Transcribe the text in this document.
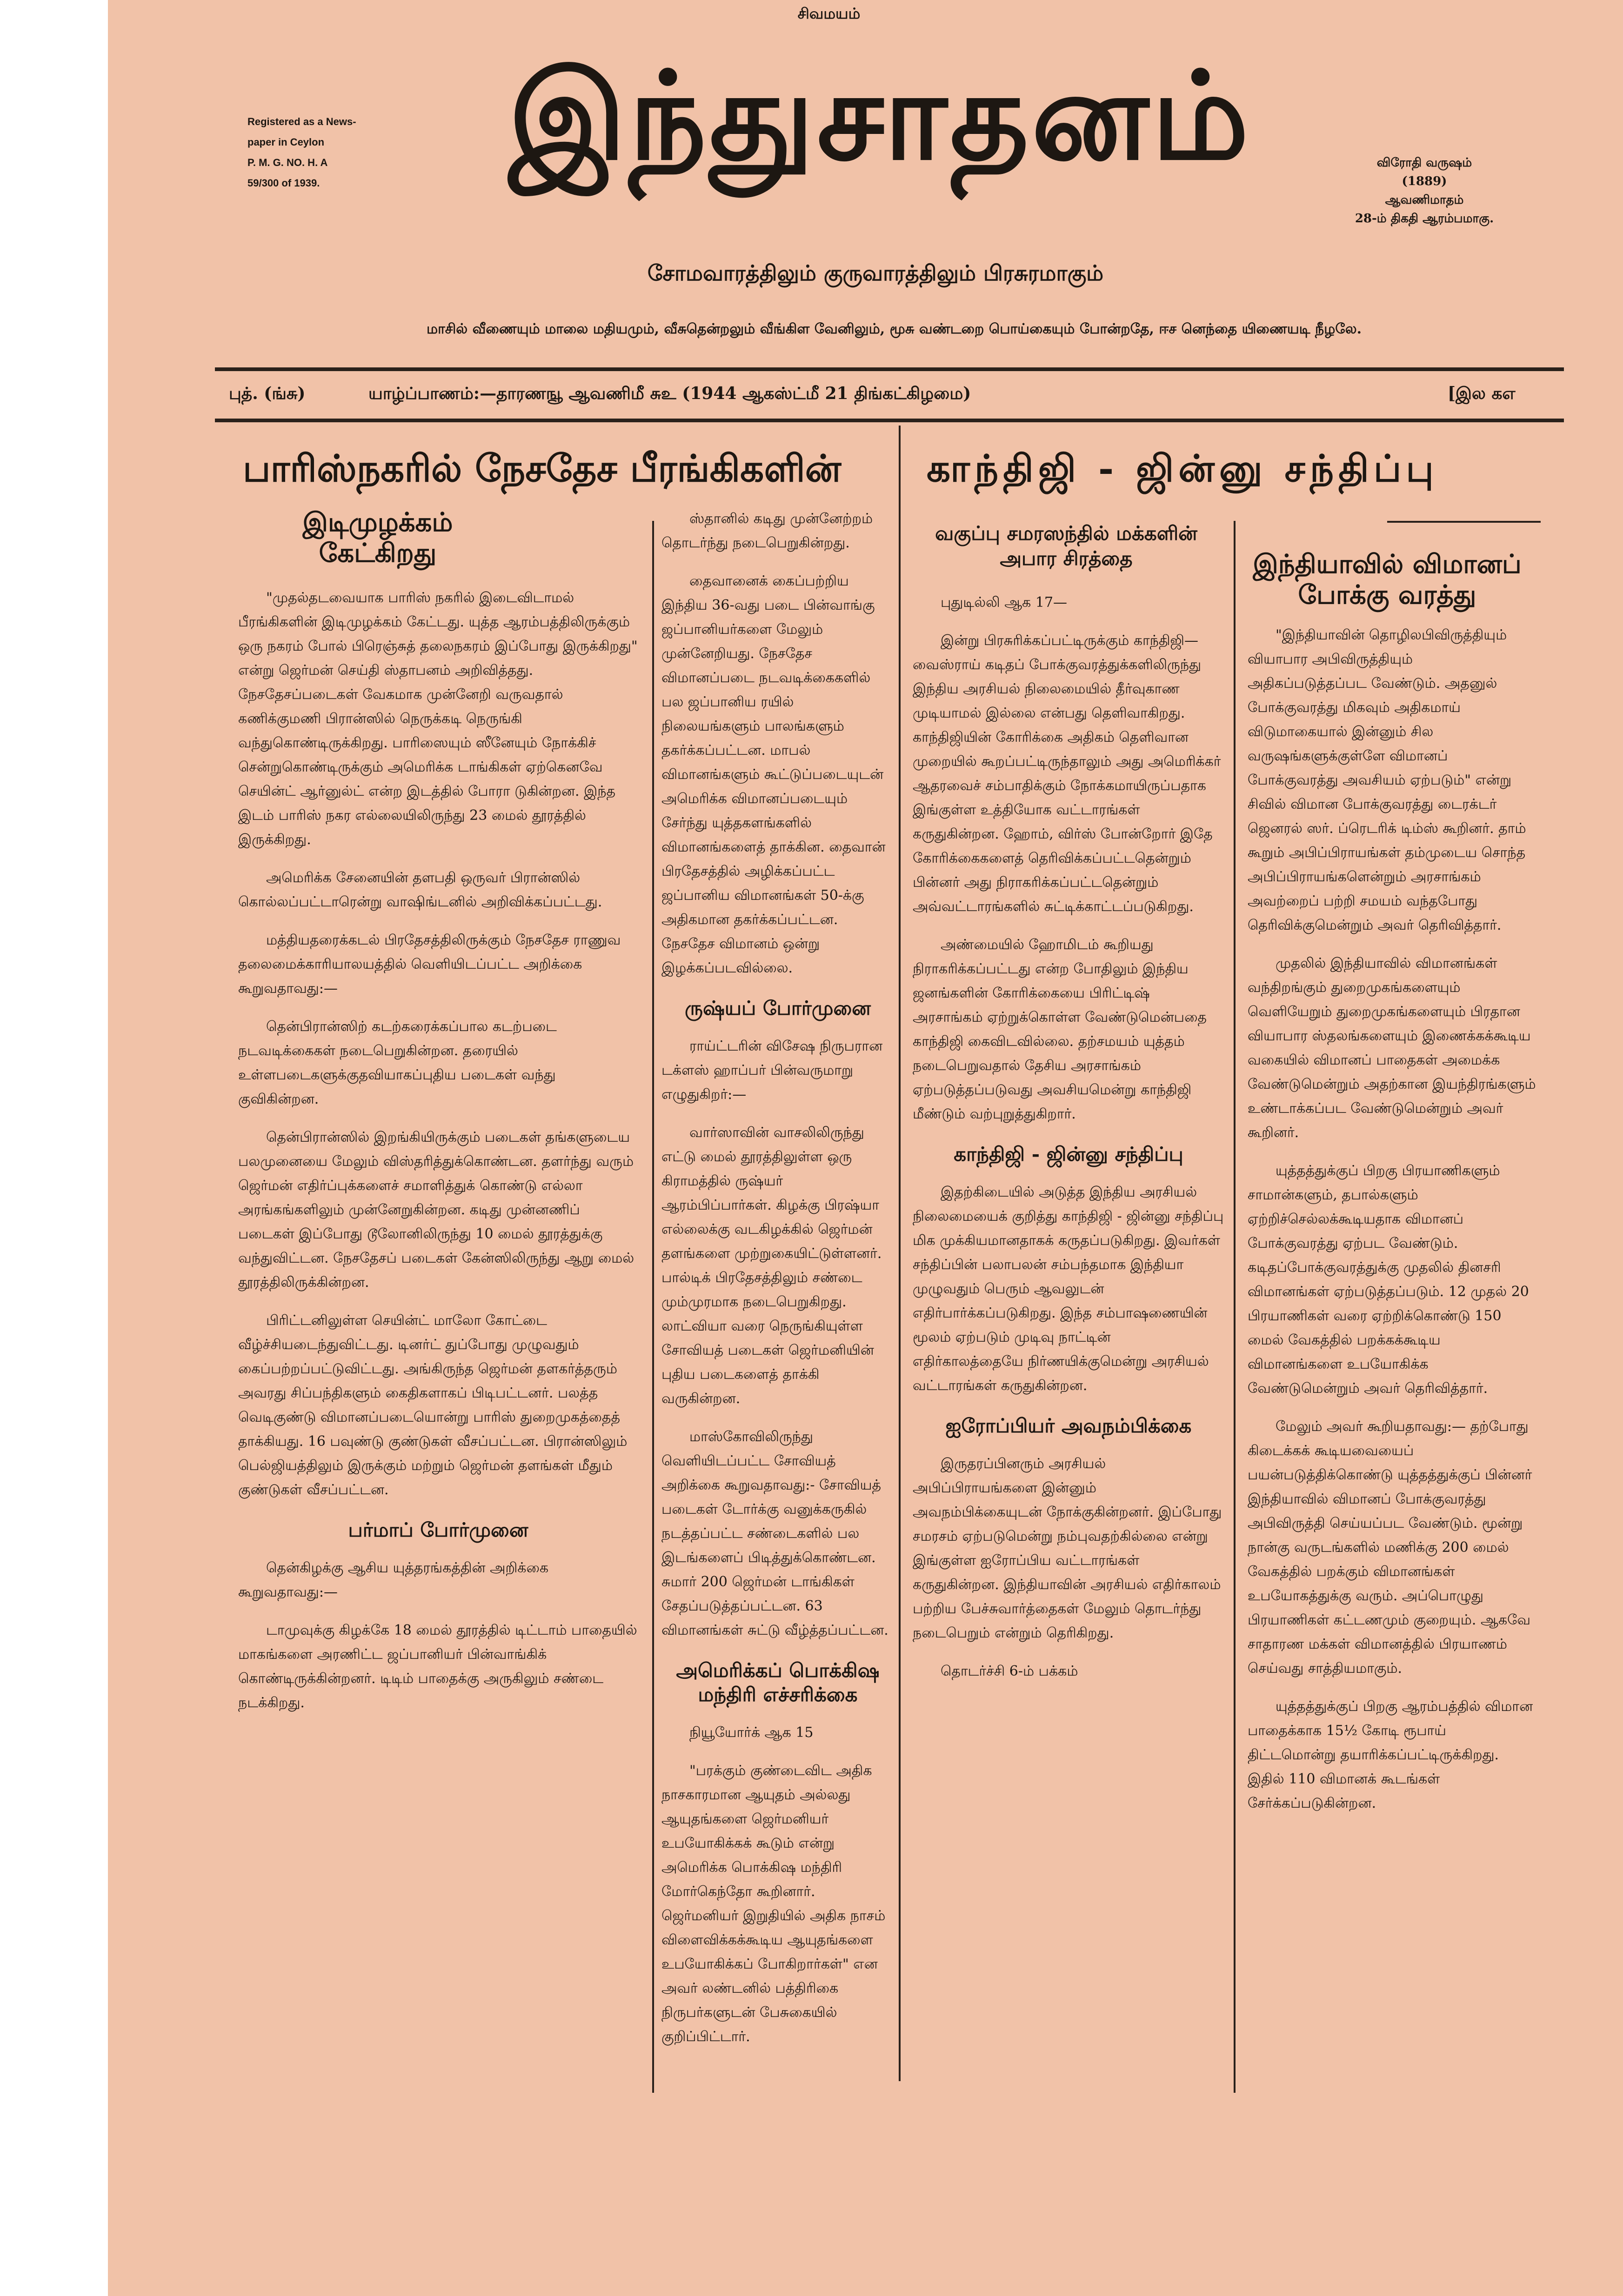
சிவமயம்
Registered as a News-
paper in Ceylon
P. M. G. NO. H. A
59/300 of 1939.	இந்துசாதனம்	விரோதி வருஷம்
(1889)
ஆவணிமாதம்
28-ம் திகதி ஆரம்பமாகு.
சோமவாரத்திலும் குருவாரத்திலும் பிரசுரமாகும்
மாசில் வீணையும் மாலை மதியமும், வீசுதென்றலும் வீங்கிள வேனிலும், மூசு வண்டறை பொய்கையும் போன்றதே, ஈச னெந்தை யிணையடி நீழலே.
புத். (ங்சு)	யாழ்ப்பாணம்:—தாரணஙூ ஆவணிமீ சுஉ (1944 ஆகஸ்ட்மீ 21 திங்கட்கிழமை)	[இல கஎ
பாரிஸ்நகரில் நேசதேச பீரங்கிகளின்
இடிமுழக்கம் கேட்கிறது
காந்திஜி - ஜின்னு சந்திப்பு
வகுப்பு சமரஸந்தில் மக்களின் அபார சிரத்தை	இந்தியாவில் விமானப் போக்கு வரத்து

"முதல்தடவையாக பாரிஸ் நகரில் இடைவிடாமல் பீரங்கிகளின் இடிமுழக்கம் கேட்டது. யுத்த ஆரம்பத்திலிருக்கும் ஒரு நகரம் போல் பிரெஞ்சுத் தலைநகரம் இப்போது இருக்கிறது" என்று ஜெர்மன் செய்தி ஸ்தாபனம் அறிவித்தது. நேசதேசப்படைகள் வேகமாக முன்னேறி வருவதால் கணிக்குமணி பிரான்ஸில் நெருக்கடி நெருங்கி வந்துகொண்டிருக்கிறது. பாரிஸையும் ஸீனேயும் நோக்கிச் சென்றுகொண்டிருக்கும் அமெரிக்க டாங்கிகள் ஏற்கெனவே செயின்ட் ஆர்னுல்ட் என்ற இடத்தில் போரா டுகின்றன. இந்த இடம் பாரிஸ் நகர எல்லையிலிருந்து 23 மைல் தூரத்தில் இருக்கிறது.

அமெரிக்க சேனையின் தளபதி ஒருவர் பிரான்ஸில் கொல்லப்பட்டாரென்று வாஷிங்டனில் அறிவிக்கப்பட்டது.

மத்தியதரைக்கடல் பிரதேசத்திலிருக்கும் நேசதேச ராணுவ தலைமைக்காரியாலயத்தில் வெளியிடப்பட்ட அறிக்கை கூறுவதாவது:—

தென்பிரான்ஸிற் கடற்கரைக்கப்பால கடற்படை நடவடிக்கைகள் நடைபெறுகின்றன. தரையில் உள்ளபடைகளுக்குதவியாகப்புதிய படைகள் வந்து குவிகின்றன.

தென்பிரான்ஸில் இறங்கியிருக்கும் படைகள் தங்களுடைய பலமுனையை மேலும் விஸ்தரித்துக்கொண்டன. தளர்ந்து வரும் ஜெர்மன் எதிர்ப்புக்களைச் சமாளித்துக் கொண்டு எல்லா அரங்கங்களிலும் முன்னேறுகின்றன. கடிது முன்னணிப் படைகள் இப்போது டூலோனிலிருந்து 10 மைல் தூரத்துக்கு வந்துவிட்டன. நேசதேசப் படைகள் கேன்ஸிலிருந்து ஆறு மைல் தூரத்திலிருக்கின்றன.

பிரிட்டனிலுள்ள செயின்ட் மாலோ கோட்டை வீழ்ச்சியடைந்துவிட்டது. டினர்ட் துப்போது முழுவதும் கைப்பற்றப்பட்டுவிட்டது. அங்கிருந்த ஜெர்மன் தளகர்த்தரும் அவரது சிப்பந்திகளும் கைதிகளாகப் பிடிபட்டனர். பலத்த வெடிகுண்டு விமானப்படையொன்று பாரிஸ் துறைமுகத்தைத் தாக்கியது. 16 பவுண்டு குண்டுகள் வீசப்பட்டன. பிரான்ஸிலும் பெல்ஜியத்திலும் இருக்கும் மற்றும் ஜெர்மன் தளங்கள் மீதும் குண்டுகள் வீசப்பட்டன.

பர்மாப் போர்முனை

தென்கிழக்கு ஆசிய யுத்தரங்கத்தின் அறிக்கை கூறுவதாவது:—

டாமுவுக்கு கிழக்கே 18 மைல் தூரத்தில் டிட்டாம் பாதையில் மாகங்களை அரணிட்ட ஜப்பானியர் பின்வாங்கிக் கொண்டிருக்கின்றனர். டிடிம் பாதைக்கு அருகிலும் சண்டை நடக்கிறது.

ஸ்தானில் கடிது முன்னேற்றம் தொடர்ந்து நடைபெறுகின்றது.

தைவானைக் கைப்பற்றிய இந்திய 36-வது படை பின்வாங்கு ஜப்பானியர்களை மேலும் முன்னேறியது. நேசதேச விமானப்படை நடவடிக்கைகளில் பல ஜப்பானிய ரயில் நிலையங்களும் பாலங்களும் தகர்க்கப்பட்டன. மாபல் விமானங்களும் கூட்டுப்படையுடன் அமெரிக்க விமானப்படையும் சேர்ந்து யுத்தகளங்களில் விமானங்களைத் தாக்கின. தைவான் பிரதேசத்தில் அழிக்கப்பட்ட ஜப்பானிய விமானங்கள் 50-க்கு அதிகமான தகர்க்கப்பட்டன. நேசதேச விமானம் ஒன்று இழக்கப்படவில்லை.

ருஷ்யப் போர்முனை

ராய்ட்டரின் விசேஷ நிருபரான டக்ளஸ் ஹாப்பர் பின்வருமாறு எழுதுகிறர்:—

வார்ஸாவின் வாசலிலிருந்து எட்டு மைல் தூரத்திலுள்ள ஒரு கிராமத்தில் ருஷ்யர் ஆரம்பிப்பார்கள். கிழக்கு பிரஷ்யா எல்லைக்கு வடகிழக்கில் ஜெர்மன் தளங்களை முற்றுகையிட்டுள்ளனர். பால்டிக் பிரதேசத்திலும் சண்டை மும்முரமாக நடைபெறுகிறது. லாட்வியா வரை நெருங்கியுள்ள சோவியத் படைகள் ஜெர்மனியின் புதிய படைகளைத் தாக்கி வருகின்றன.

மாஸ்கோவிலிருந்து வெளியிடப்பட்ட சோவியத் அறிக்கை கூறுவதாவது:- சோவியத் படைகள் டோர்க்கு வனுக்கருகில் நடத்தப்பட்ட சண்டைகளில் பல இடங்களைப் பிடித்துக்கொண்டன. சுமார் 200 ஜெர்மன் டாங்கிகள் சேதப்படுத்தப்பட்டன. 63 விமானங்கள் சுட்டு வீழ்த்தப்பட்டன.

அமெரிக்கப் பொக்கிஷ மந்திரி எச்சரிக்கை

நியூயோர்க் ஆக 15

"பரக்கும் குண்டைவிட அதிக நாசகாரமான ஆயுதம் அல்லது ஆயுதங்களை ஜெர்மனியர் உபயோகிக்கக் கூடும் என்று அமெரிக்க பொக்கிஷ மந்திரி மோர்கெந்தோ கூறினார். ஜெர்மனியர் இறுதியில் அதிக நாசம் விளைவிக்கக்கூடிய ஆயுதங்களை உபயோகிக்கப் போகிறார்கள்" என அவர் லண்டனில் பத்திரிகை நிருபர்களுடன் பேசுகையில் குறிப்பிட்டார்.

புதுடில்லி ஆக 17—

இன்று பிரசுரிக்கப்பட்டிருக்கும் காந்திஜி—வைஸ்ராய் கடிதப் போக்குவரத்துக்களிலிருந்து இந்திய அரசியல் நிலைமையில் தீர்வுகாண முடியாமல் இல்லை என்பது தெளிவாகிறது. காந்திஜியின் கோரிக்கை அதிகம் தெளிவான முறையில் கூறப்பட்டிருந்தாலும் அது அமெரிக்கர் ஆதரவைச் சம்பாதிக்கும் நோக்கமாயிருப்பதாக இங்குள்ள உத்தியோக வட்டாரங்கள் கருதுகின்றன. ஹோம், விர்ஸ் போன்றோர் இதே கோரிக்கைகளைத் தெரிவிக்கப்பட்டதென்றும் பின்னர் அது நிராகரிக்கப்பட்டதென்றும் அவ்வட்டாரங்களில் சுட்டிக்காட்டப்படுகிறது.

அண்மையில் ஹோமிடம் கூறியது நிராகரிக்கப்பட்டது என்ற போதிலும் இந்திய ஜனங்களின் கோரிக்கையை பிரிட்டிஷ் அரசாங்கம் ஏற்றுக்கொள்ள வேண்டுமென்பதை காந்திஜி கைவிடவில்லை. தற்சமயம் யுத்தம் நடைபெறுவதால் தேசிய அரசாங்கம் ஏற்படுத்தப்படுவது அவசியமென்று காந்திஜி மீண்டும் வற்புறுத்துகிறார்.

காந்திஜி - ஜின்னு சந்திப்பு

இதற்கிடையில் அடுத்த இந்திய அரசியல் நிலைமையைக் குறித்து காந்திஜி - ஜின்னு சந்திப்பு மிக முக்கியமானதாகக் கருதப்படுகிறது. இவர்கள் சந்திப்பின் பலாபலன் சம்பந்தமாக இந்தியா முழுவதும் பெரும் ஆவலுடன் எதிர்பார்க்கப்படுகிறது. இந்த சம்பாஷணையின் மூலம் ஏற்படும் முடிவு நாட்டின் எதிர்காலத்தையே நிர்ணயிக்குமென்று அரசியல் வட்டாரங்கள் கருதுகின்றன.

ஐரோப்பியர் அவநம்பிக்கை

இருதரப்பினரும் அரசியல் அபிப்பிராயங்களை இன்னும் அவநம்பிக்கையுடன் நோக்குகின்றனர். இப்போது சமரசம் ஏற்படுமென்று நம்புவதற்கில்லை என்று இங்குள்ள ஐரோப்பிய வட்டாரங்கள் கருதுகின்றன. இந்தியாவின் அரசியல் எதிர்காலம் பற்றிய பேச்சுவார்த்தைகள் மேலும் தொடர்ந்து நடைபெறும் என்றும் தெரிகிறது.

தொடர்ச்சி 6-ம் பக்கம்

"இந்தியாவின் தொழிலபிவிருத்தியும் வியாபார அபிவிருத்தியும் அதிகப்படுத்தப்பட வேண்டும். அதனுல் போக்குவரத்து மிகவும் அதிகமாய் விடுமாகையால் இன்னும் சில வருஷங்களுக்குள்ளே விமானப் போக்குவரத்து அவசியம் ஏற்படும்" என்று சிவில் விமான போக்குவரத்து டைரக்டர் ஜெனரல் ஸர். ப்ரெடரிக் டிம்ஸ் கூறினர். தாம் கூறும் அபிப்பிராயங்கள் தம்முடைய சொந்த அபிப்பிராயங்களென்றும் அரசாங்கம் அவற்றைப் பற்றி சமயம் வந்தபோது தெரிவிக்குமென்றும் அவர் தெரிவித்தார்.

முதலில் இந்தியாவில் விமானங்கள் வந்திறங்கும் துறைமுகங்களையும் வெளியேறும் துறைமுகங்களையும் பிரதான வியாபார ஸ்தலங்களையும் இணைக்கக்கூடிய வகையில் விமானப் பாதைகள் அமைக்க வேண்டுமென்றும் அதற்கான இயந்திரங்களும் உண்டாக்கப்பட வேண்டுமென்றும் அவர் கூறினர்.

யுத்தத்துக்குப் பிறகு பிரயாணிகளும் சாமான்களும், தபால்களும் ஏற்றிச்செல்லக்கூடியதாக விமானப் போக்குவரத்து ஏற்பட வேண்டும். கடிதப்போக்குவரத்துக்கு முதலில் தினசரி விமானங்கள் ஏற்படுத்தப்படும். 12 முதல் 20 பிரயாணிகள் வரை ஏற்றிக்கொண்டு 150 மைல் வேகத்தில் பறக்கக்கூடிய விமானங்களை உபயோகிக்க வேண்டுமென்றும் அவர் தெரிவித்தார்.

மேலும் அவர் கூறியதாவது:— தற்போது கிடைக்கக் கூடியவையைப் பயன்படுத்திக்கொண்டு யுத்தத்துக்குப் பின்னர் இந்தியாவில் விமானப் போக்குவரத்து அபிவிருத்தி செய்யப்பட வேண்டும். மூன்று நான்கு வருடங்களில் மணிக்கு 200 மைல் வேகத்தில் பறக்கும் விமானங்கள் உபயோகத்துக்கு வரும். அப்பொழுது பிரயாணிகள் கட்டணமும் குறையும். ஆகவே சாதாரண மக்கள் விமானத்தில் பிரயாணம் செய்வது சாத்தியமாகும்.

யுத்தத்துக்குப் பிறகு ஆரம்பத்தில் விமான பாதைக்காக 15½ கோடி ரூபாய் திட்டமொன்று தயாரிக்கப்பட்டிருக்கிறது. இதில் 110 விமானக் கூடங்கள் சேர்க்கப்படுகின்றன.
